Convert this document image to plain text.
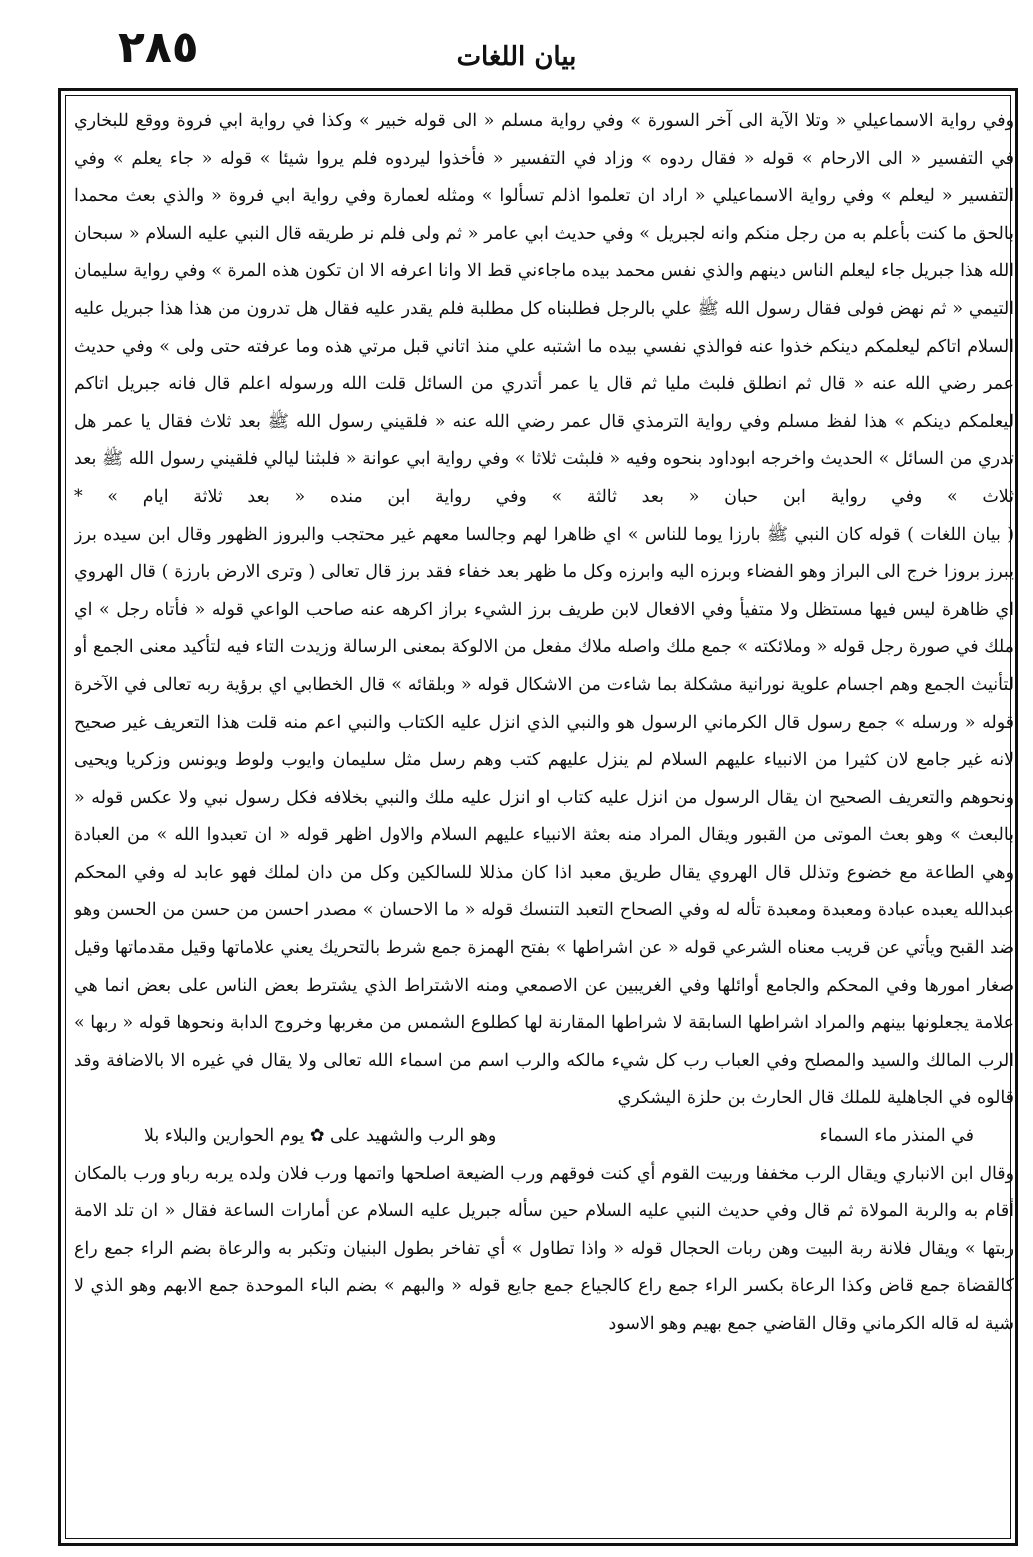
٢٨٥	بيان اللغات

وفي رواية الاسماعيلي « وتلا الآية الى آخر السورة » وفي رواية مسلم « الى قوله خبير » وكذا في رواية ابي فروة ووقع للبخاري في التفسير « الى الارحام » قوله « فقال ردوه » وزاد في التفسير « فأخذوا ليردوه فلم يروا شيئا » قوله « جاء يعلم » وفي التفسير « ليعلم » وفي رواية الاسماعيلي « اراد ان تعلموا اذلم تسألوا » ومثله لعمارة وفي رواية ابي فروة « والذي بعث محمدا بالحق ما كنت بأعلم به من رجل منكم وانه لجبريل » وفي حديث ابي عامر « ثم ولى فلم نر طريقه قال النبي عليه السلام « سبحان الله هذا جبريل جاء ليعلم الناس دينهم والذي نفس محمد بيده ماجاءني قط الا وانا اعرفه الا ان تكون هذه المرة » وفي رواية سليمان التيمي « ثم نهض فولى فقال رسول الله ﷺ علي بالرجل فطلبناه كل مطلبة فلم يقدر عليه فقال هل تدرون من هذا هذا جبريل عليه السلام اتاكم ليعلمكم دينكم خذوا عنه فوالذي نفسي بيده ما اشتبه علي منذ اتاني قبل مرتي هذه وما عرفته حتى ولى » وفي حديث عمر رضي الله عنه « قال ثم انطلق فلبث مليا ثم قال يا عمر أتدري من السائل قلت الله ورسوله اعلم قال فانه جبريل اتاكم ليعلمكم دينكم » هذا لفظ مسلم وفي رواية الترمذي قال عمر رضي الله عنه « فلقيني رسول الله ﷺ بعد ثلاث فقال يا عمر هل تدري من السائل » الحديث واخرجه ابوداود بنحوه وفيه « فلبثت ثلاثا » وفي رواية ابي عوانة « فلبثنا ليالي فلقيني رسول الله ﷺ بعد ثلاث » وفي رواية ابن حبان « بعد ثالثة » وفي رواية ابن منده « بعد ثلاثة ايام » *

( بيان اللغات ) قوله كان النبي ﷺ بارزا يوما للناس » اي ظاهرا لهم وجالسا معهم غير محتجب والبروز الظهور وقال ابن سيده برز يبرز بروزا خرج الى البراز وهو الفضاء وبرزه اليه وابرزه وكل ما ظهر بعد خفاء فقد برز قال تعالى ( وترى الارض بارزة ) قال الهروي اي ظاهرة ليس فيها مستظل ولا متفيأ وفي الافعال لابن طريف برز الشيء براز اكرهه عنه صاحب الواعي قوله « فأتاه رجل » اي ملك في صورة رجل قوله « وملائكته » جمع ملك واصله ملاك مفعل من الالوكة بمعنى الرسالة وزيدت التاء فيه لتأكيد معنى الجمع أو لتأنيث الجمع وهم اجسام علوية نورانية مشكلة بما شاءت من الاشكال قوله « وبلقائه » قال الخطابي اي برؤية ربه تعالى في الآخرة قوله « ورسله » جمع رسول قال الكرماني الرسول هو والنبي الذي انزل عليه الكتاب والنبي اعم منه قلت هذا التعريف غير صحيح لانه غير جامع لان كثيرا من الانبياء عليهم السلام لم ينزل عليهم كتب وهم رسل مثل سليمان وايوب ولوط ويونس وزكريا ويحيى ونحوهم والتعريف الصحيح ان يقال الرسول من انزل عليه كتاب او انزل عليه ملك والنبي بخلافه فكل رسول نبي ولا عكس قوله « بالبعث » وهو بعث الموتى من القبور ويقال المراد منه بعثة الانبياء عليهم السلام والاول اظهر قوله « ان تعبدوا الله » من العبادة وهي الطاعة مع خضوع وتذلل قال الهروي يقال طريق معبد اذا كان مذللا للسالكين وكل من دان لملك فهو عابد له وفي المحكم عبدالله يعبده عبادة ومعبدة ومعبدة تأله له وفي الصحاح التعبد التنسك قوله « ما الاحسان » مصدر احسن من حسن من الحسن وهو ضد القبح ويأتي عن قريب معناه الشرعي قوله « عن اشراطها » بفتح الهمزة جمع شرط بالتحريك يعني علاماتها وقيل مقدماتها وقيل صغار امورها وفي المحكم والجامع أوائلها وفي الغريبين عن الاصمعي ومنه الاشتراط الذي يشترط بعض الناس على بعض انما هي علامة يجعلونها بينهم والمراد اشراطها السابقة لا شراطها المقارنة لها كطلوع الشمس من مغربها وخروج الدابة ونحوها قوله « ربها » الرب المالك والسيد والمصلح وفي العباب رب كل شيء مالكه والرب اسم من اسماء الله تعالى ولا يقال في غيره الا بالاضافة وقد قالوه في الجاهلية للملك قال الحارث بن حلزة اليشكري

في المنذر ماء السماء
وهو الرب والشهيد على ✿ يوم الحوارين والبلاء بلا

وقال ابن الانباري ويقال الرب مخففا وربيت القوم أي كنت فوقهم ورب الضيعة اصلحها واتمها ورب فلان ولده يربه رباو ورب بالمكان أقام به والربة المولاة ثم قال وفي حديث النبي عليه السلام حين سأله جبريل عليه السلام عن أمارات الساعة فقال « ان تلد الامة ربتها » ويقال فلانة ربة البيت وهن ربات الحجال قوله « واذا تطاول » أي تفاخر بطول البنيان وتكبر به والرعاة بضم الراء جمع راع كالقضاة جمع قاض وكذا الرعاة بكسر الراء جمع راع كالجياع جمع جايع قوله « والبهم » بضم الباء الموحدة جمع الابهم وهو الذي لا شية له قاله الكرماني وقال القاضي جمع بهيم وهو الاسود
